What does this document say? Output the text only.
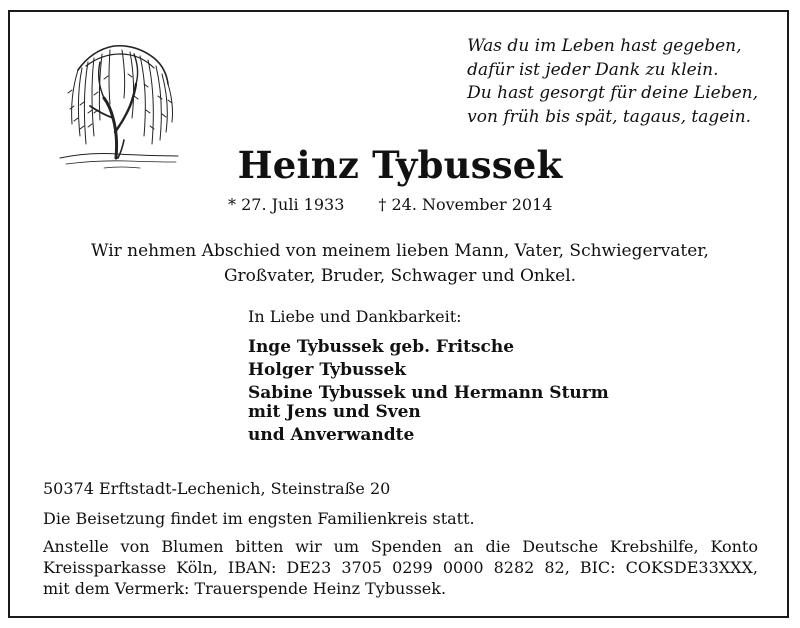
Was du im Leben hast gegeben,
dafür ist jeder Dank zu klein.
Du hast gesorgt für deine Lieben,
von früh bis spät, tagaus, tagein.
Heinz Tybussek
* 27. Juli 1933 † 24. November 2014
Wir nehmen Abschied von meinem lieben Mann, Vater, Schwiegervater,
Großvater, Bruder, Schwager und Onkel.
In Liebe und Dankbarkeit:
Inge Tybussek geb. Fritsche
Holger Tybussek
Sabine Tybussek und Hermann Sturm
mit Jens und Sven
und Anverwandte
50374 Erftstadt-Lechenich, Steinstraße 20
Die Beisetzung findet im engsten Familienkreis statt.
Anstelle von Blumen bitten wir um Spenden an die Deutsche Krebshilfe, Konto
Kreissparkasse Köln, IBAN: DE23 3705 0299 0000 8282 82, BIC: COKSDE33XXX,
mit dem Vermerk: Trauerspende Heinz Tybussek.
